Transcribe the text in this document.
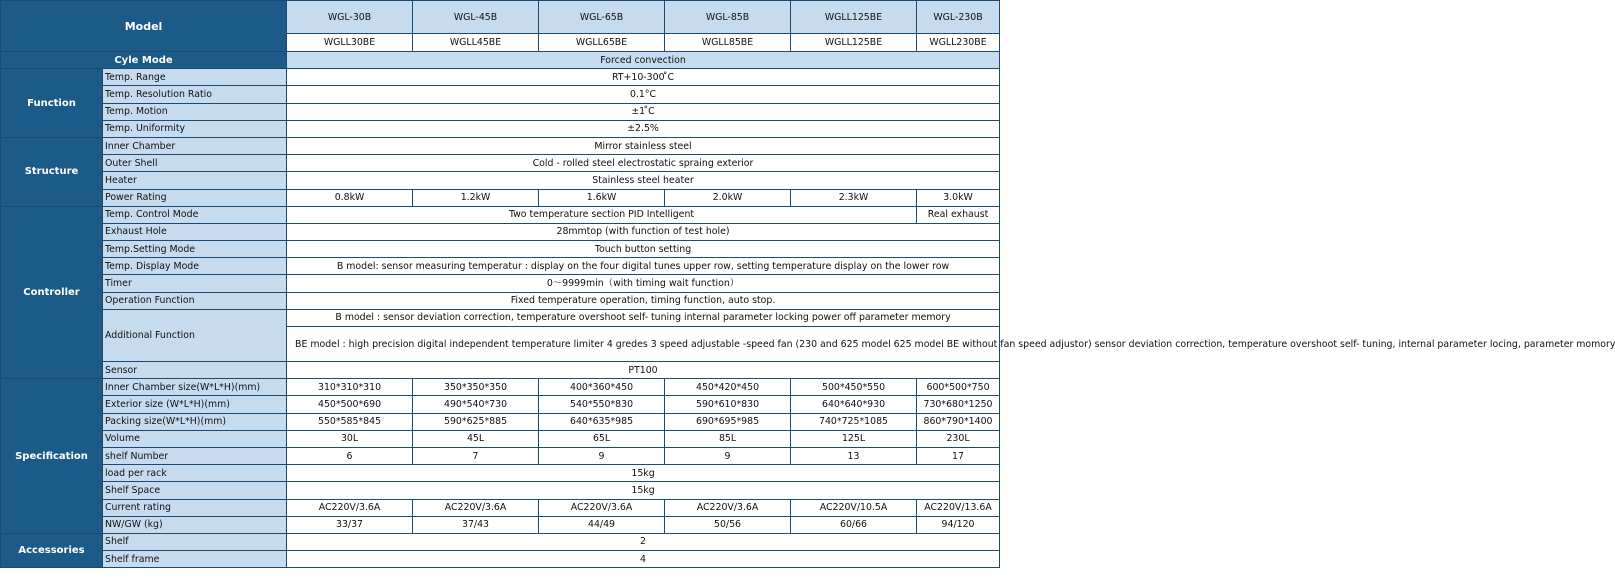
Model		WGL-30B	WGL-45B	WGL-65B	WGL-85B	WGLL125BE	WGL-230B
		WGLL30BE	WGLL45BE	WGLL65BE	WGLL85BE	WGLL125BE	WGLL230BE
Cyle Mode		Forced convection					
Function	Temp. Range	RT+10-300 ̊C					
	Temp. Resolution Ratio	0.1°C					
	Temp. Motion	±1 ̊C					
	Temp. Uniformity	±2.5%					
Structure	Inner Chamber	Mirror stainless steel					
	Outer Shell	Cold - rolled steel electrostatic spraing exterior					
	Heater	Stainless steel heater					
	Power Rating	0.8kW	1.2kW	1.6kW	2.0kW	2.3kW	3.0kW
Controller	Temp. Control Mode	Two temperature section PID Intelligent					Real exhaust
	Exhaust Hole	28mmtop (with function of test hole)					
	Temp.Setting Mode	Touch button setting					
	Temp. Display Mode	B model: sensor measuring temperatur : display on the four digital tunes upper row, setting temperature display on the lower row					
	Timer	0～9999min（with timing wait function）					
	Operation Function	Fixed temperature operation, timing function, auto stop.					
	Additional Function	B model : sensor deviation correction, temperature overshoot self- tuning internal parameter locking power off parameter memory					
		BE model : high precision digital independent temperature limiter 4 gredes 3 speed adjustable -speed fan (230 and 625 model 625 model BE without fan speed adjustor) sensor deviation correction, temperature overshoot self- tuning, internal parameter locing, parameter momory					
	Sensor	PT100					
Specification	Inner Chamber size(W*L*H)(mm)	310*310*310	350*350*350	400*360*450	450*420*450	500*450*550	600*500*750
	Exterior size (W*L*H)(mm)	450*500*690	490*540*730	540*550*830	590*610*830	640*640*930	730*680*1250
	Packing size(W*L*H)(mm)	550*585*845	590*625*885	640*635*985	690*695*985	740*725*1085	860*790*1400
	Volume	30L	45L	65L	85L	125L	230L
	shelf Number	6	7	9	9	13	17
	load per rack	15kg					
	Shelf Space	15kg					
	Current rating	AC220V/3.6A	AC220V/3.6A	AC220V/3.6A	AC220V/3.6A	AC220V/10.5A	AC220V/13.6A
	NW/GW (kg)	33/37	37/43	44/49	50/56	60/66	94/120
Accessories	Shelf	2					
	Shelf frame	4					
